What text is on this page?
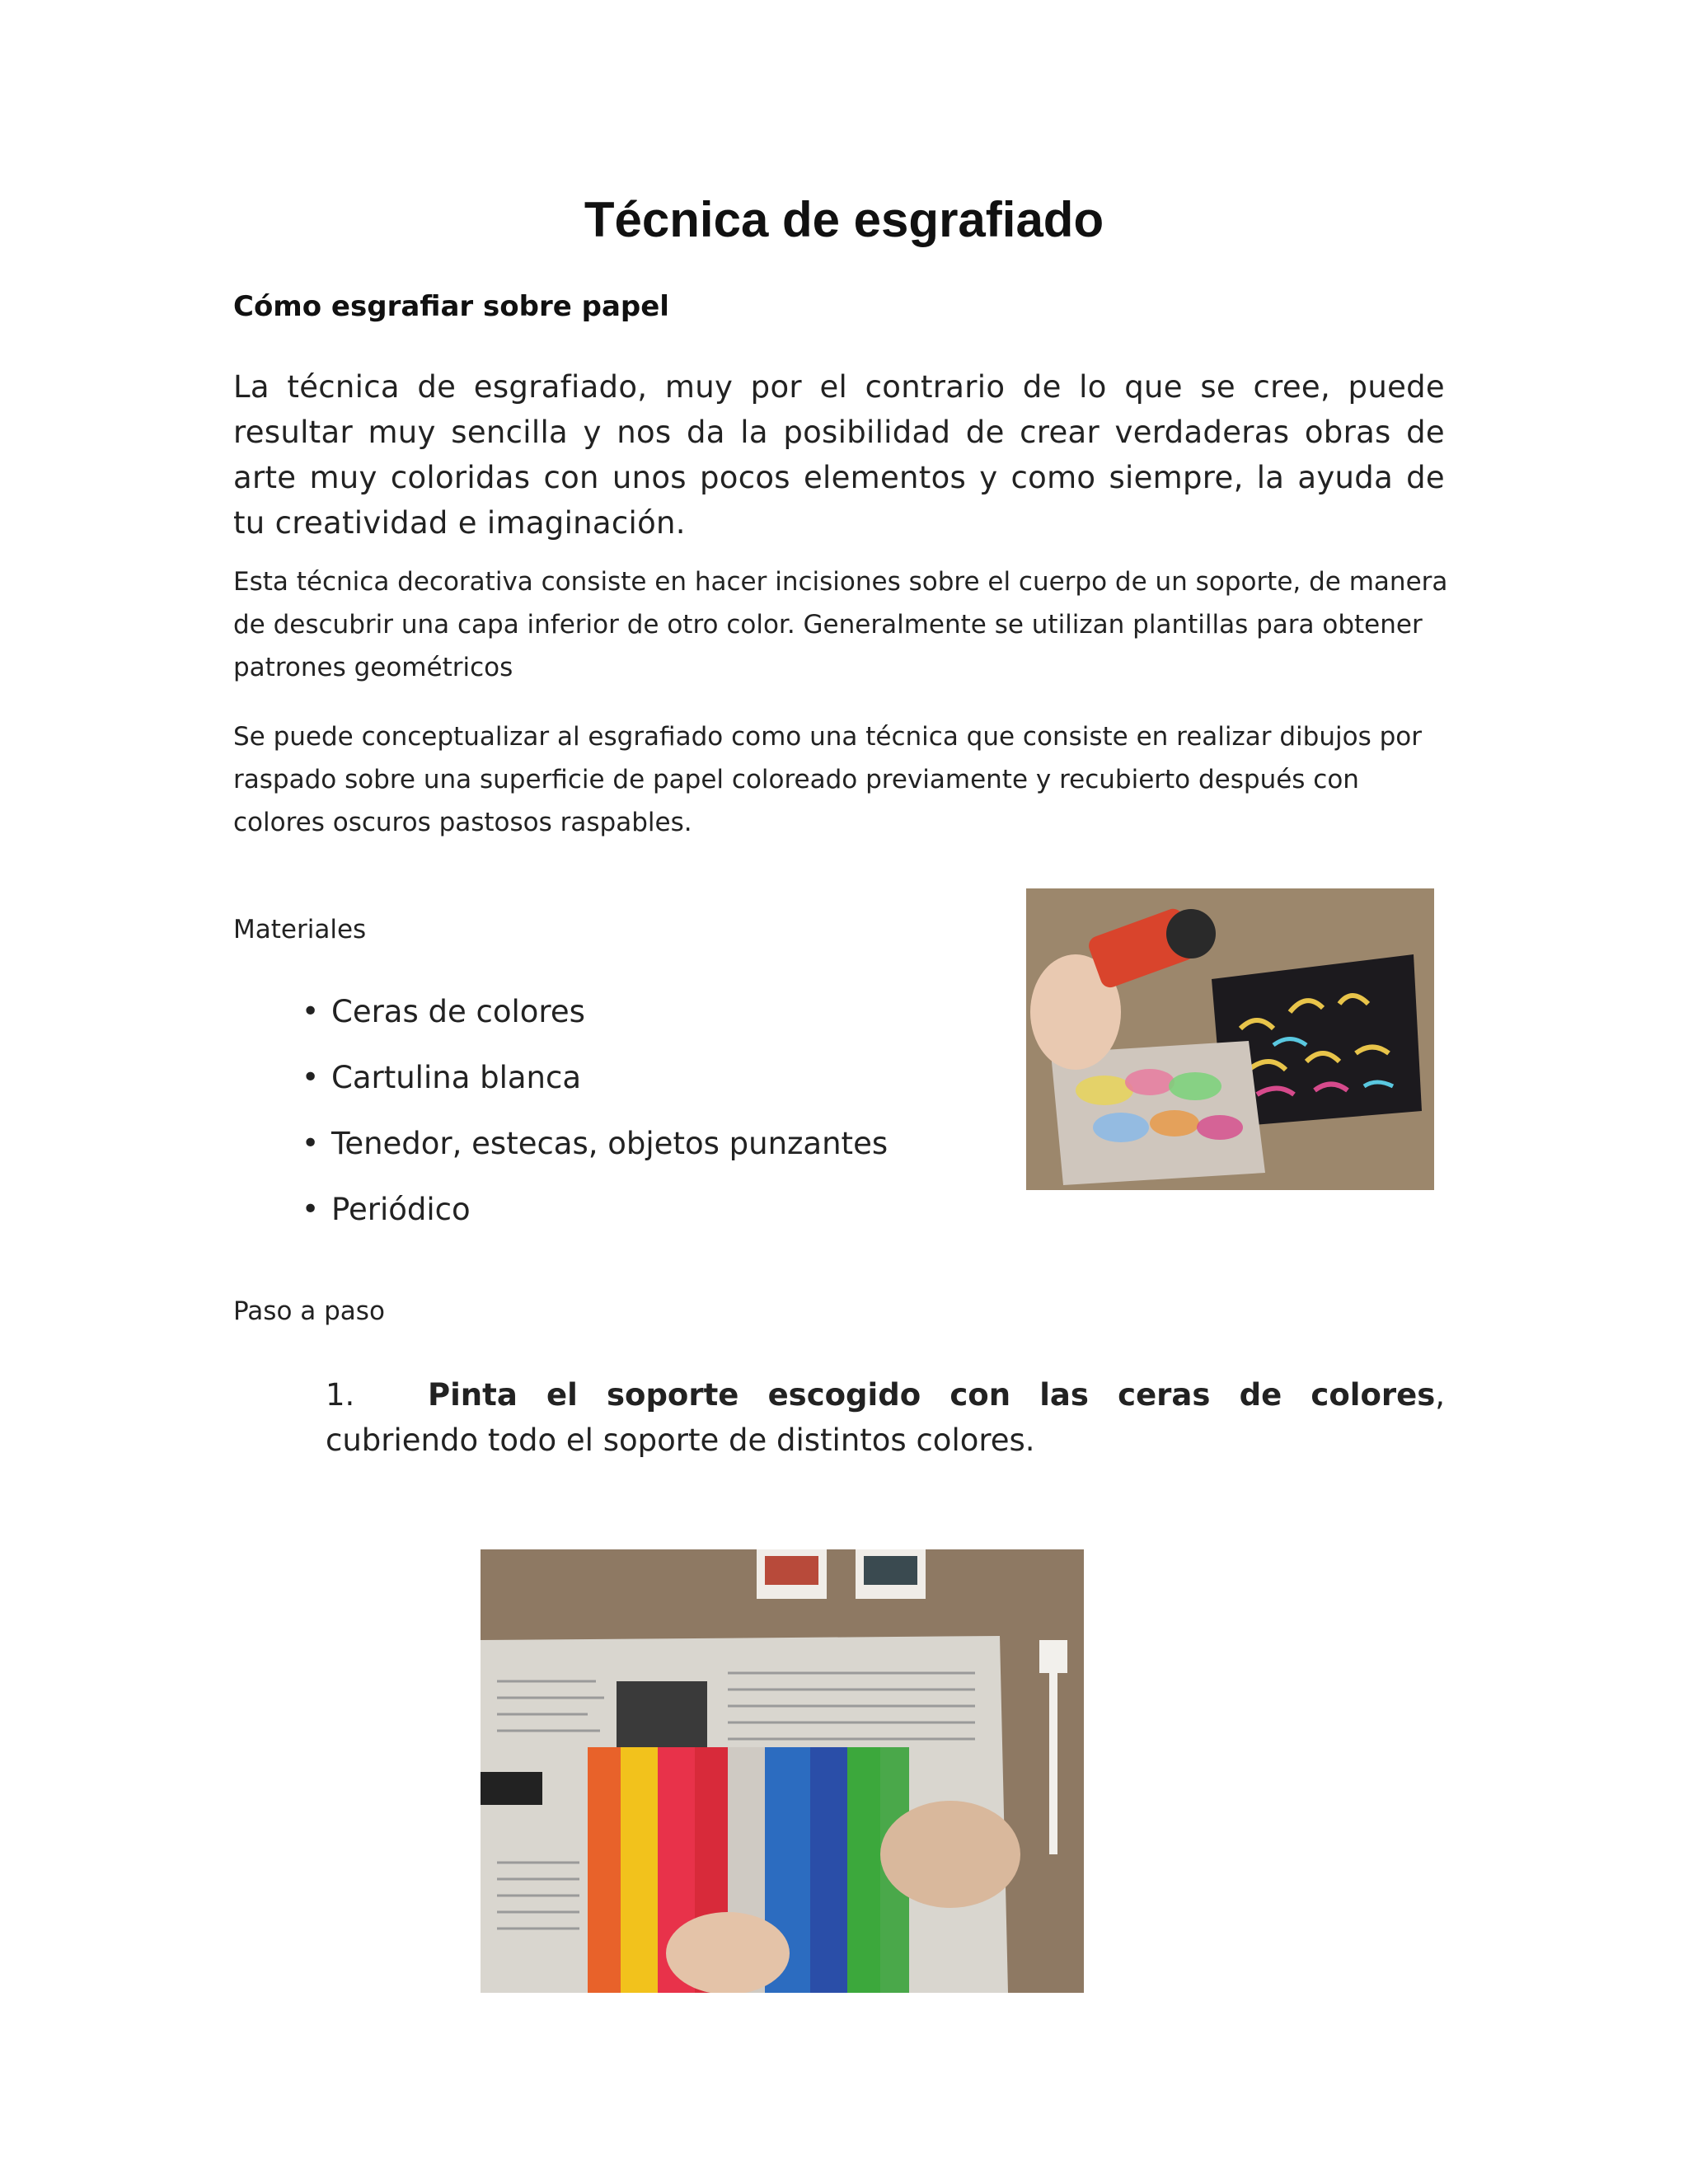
Técnica de esgrafiado
Cómo esgrafiar sobre papel
La técnica de esgrafiado, muy por el contrario de lo que se cree, puede resultar muy sencilla y nos da la posibilidad de crear verdaderas obras de arte muy coloridas con unos pocos elementos y como siempre, la ayuda de tu creatividad e imaginación.
Esta técnica decorativa consiste en hacer incisiones sobre el cuerpo de un soporte, de manera de descubrir una capa inferior de otro color. Generalmente se utilizan plantillas para obtener patrones geométricos
Se puede conceptualizar al esgrafiado como una técnica que consiste en realizar dibujos por raspado sobre una superficie de papel coloreado previamente y recubierto después con colores oscuros pastosos raspables.
Materiales
• Ceras de colores
• Cartulina blanca
• Tenedor, estecas, objetos punzantes
• Periódico
Paso a paso
1. Pinta el soporte escogido con las ceras de colores, cubriendo todo el soporte de distintos colores.
